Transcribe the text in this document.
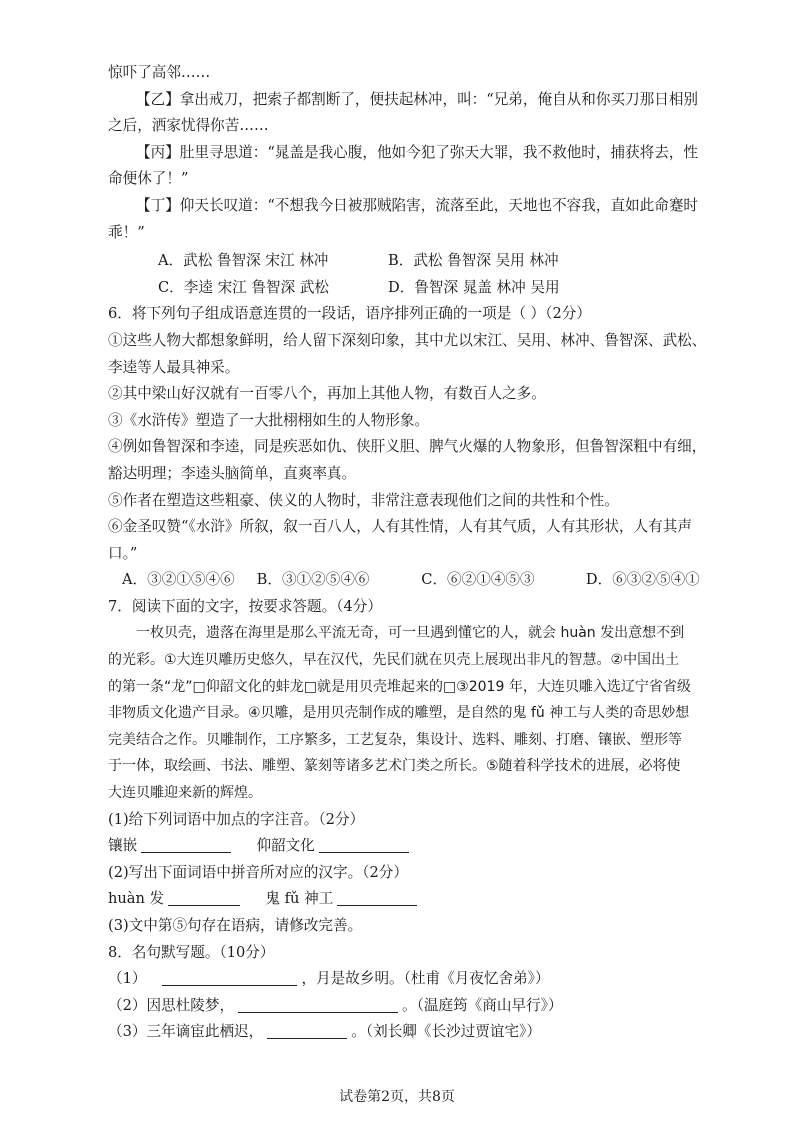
惊吓了高邻……
【乙】拿出戒刀，把索子都割断了，便扶起林冲，叫：“兄弟，俺自从和你买刀那日相别
之后，洒家忧得你苦……
【丙】肚里寻思道：“晁盖是我心腹，他如今犯了弥天大罪，我不救他时，捕获将去，性
命便休了！”
【丁】仰天长叹道：“不想我今日被那贼陷害，流落至此，天地也不容我，直如此命蹇时
乖！”
A．武松 鲁智深 宋江 林冲	B．武松 鲁智深 吴用 林冲
C．李逵 宋江 鲁智深 武松	D．鲁智深 晁盖 林冲 吴用
6．将下列句子组成语意连贯的一段话，语序排列正确的一项是（ ）（2分）
①这些人物大都想象鲜明，给人留下深刻印象，其中尤以宋江、吴用、林冲、鲁智深、武松、
李逵等人最具神采。
②其中梁山好汉就有一百零八个，再加上其他人物，有数百人之多。
③《水浒传》塑造了一大批栩栩如生的人物形象。
④例如鲁智深和李逵，同是疾恶如仇、侠肝义胆、脾气火爆的人物象形，但鲁智深粗中有细，
豁达明理；李逵头脑简单，直爽率真。
⑤作者在塑造这些粗豪、侠义的人物时，非常注意表现他们之间的共性和个性。
⑥金圣叹赞“《水浒》所叙，叙一百八人，人有其性情，人有其气质，人有其形状，人有其声
口。”
A．③②①⑤④⑥ B．③①②⑤④⑥	C．⑥②①④⑤③	D．⑥③②⑤④①
7．阅读下面的文字，按要求答题。（4分）
一枚贝壳，遗落在海里是那么平流无奇，可一旦遇到懂它的人，就会 huàn 发出意想不到
的光彩。①大连贝雕历史悠久，早在汉代，先民们就在贝壳上展现出非凡的智慧。②中国出土
的第一条“龙”□仰韶文化的蚌龙□就是用贝壳堆起来的□③2019 年，大连贝雕入选辽宁省省级
非物质文化遗产目录。④贝雕，是用贝壳制作成的雕塑，是自然的鬼 fǔ 神工与人类的奇思妙想
完美结合之作。贝雕制作，工序繁多，工艺复杂，集设计、选料、雕刻、打磨、镶嵌、塑形等
于一体，取绘画、书法、雕塑、篆刻等诸多艺术门类之所长。⑤随着科学技术的进展，必将使
大连贝雕迎来新的辉煌。
(1)给下列词语中加点的字注音。（2分）
镶嵌	仰韶文化
(2)写出下面词语中拼音所对应的汉字。（2分）
huàn 发	鬼 fǔ 神工
(3)文中第⑤句存在语病，请修改完善。
8．名句默写题。（10分）
（1）	，月是故乡明。（杜甫《月夜忆舍弟》）
（2）因思杜陵梦，	。（温庭筠《商山早行》）
（3）三年谪宦此栖迟，	。（刘长卿《长沙过贾谊宅》）
试卷第2页，共8页
